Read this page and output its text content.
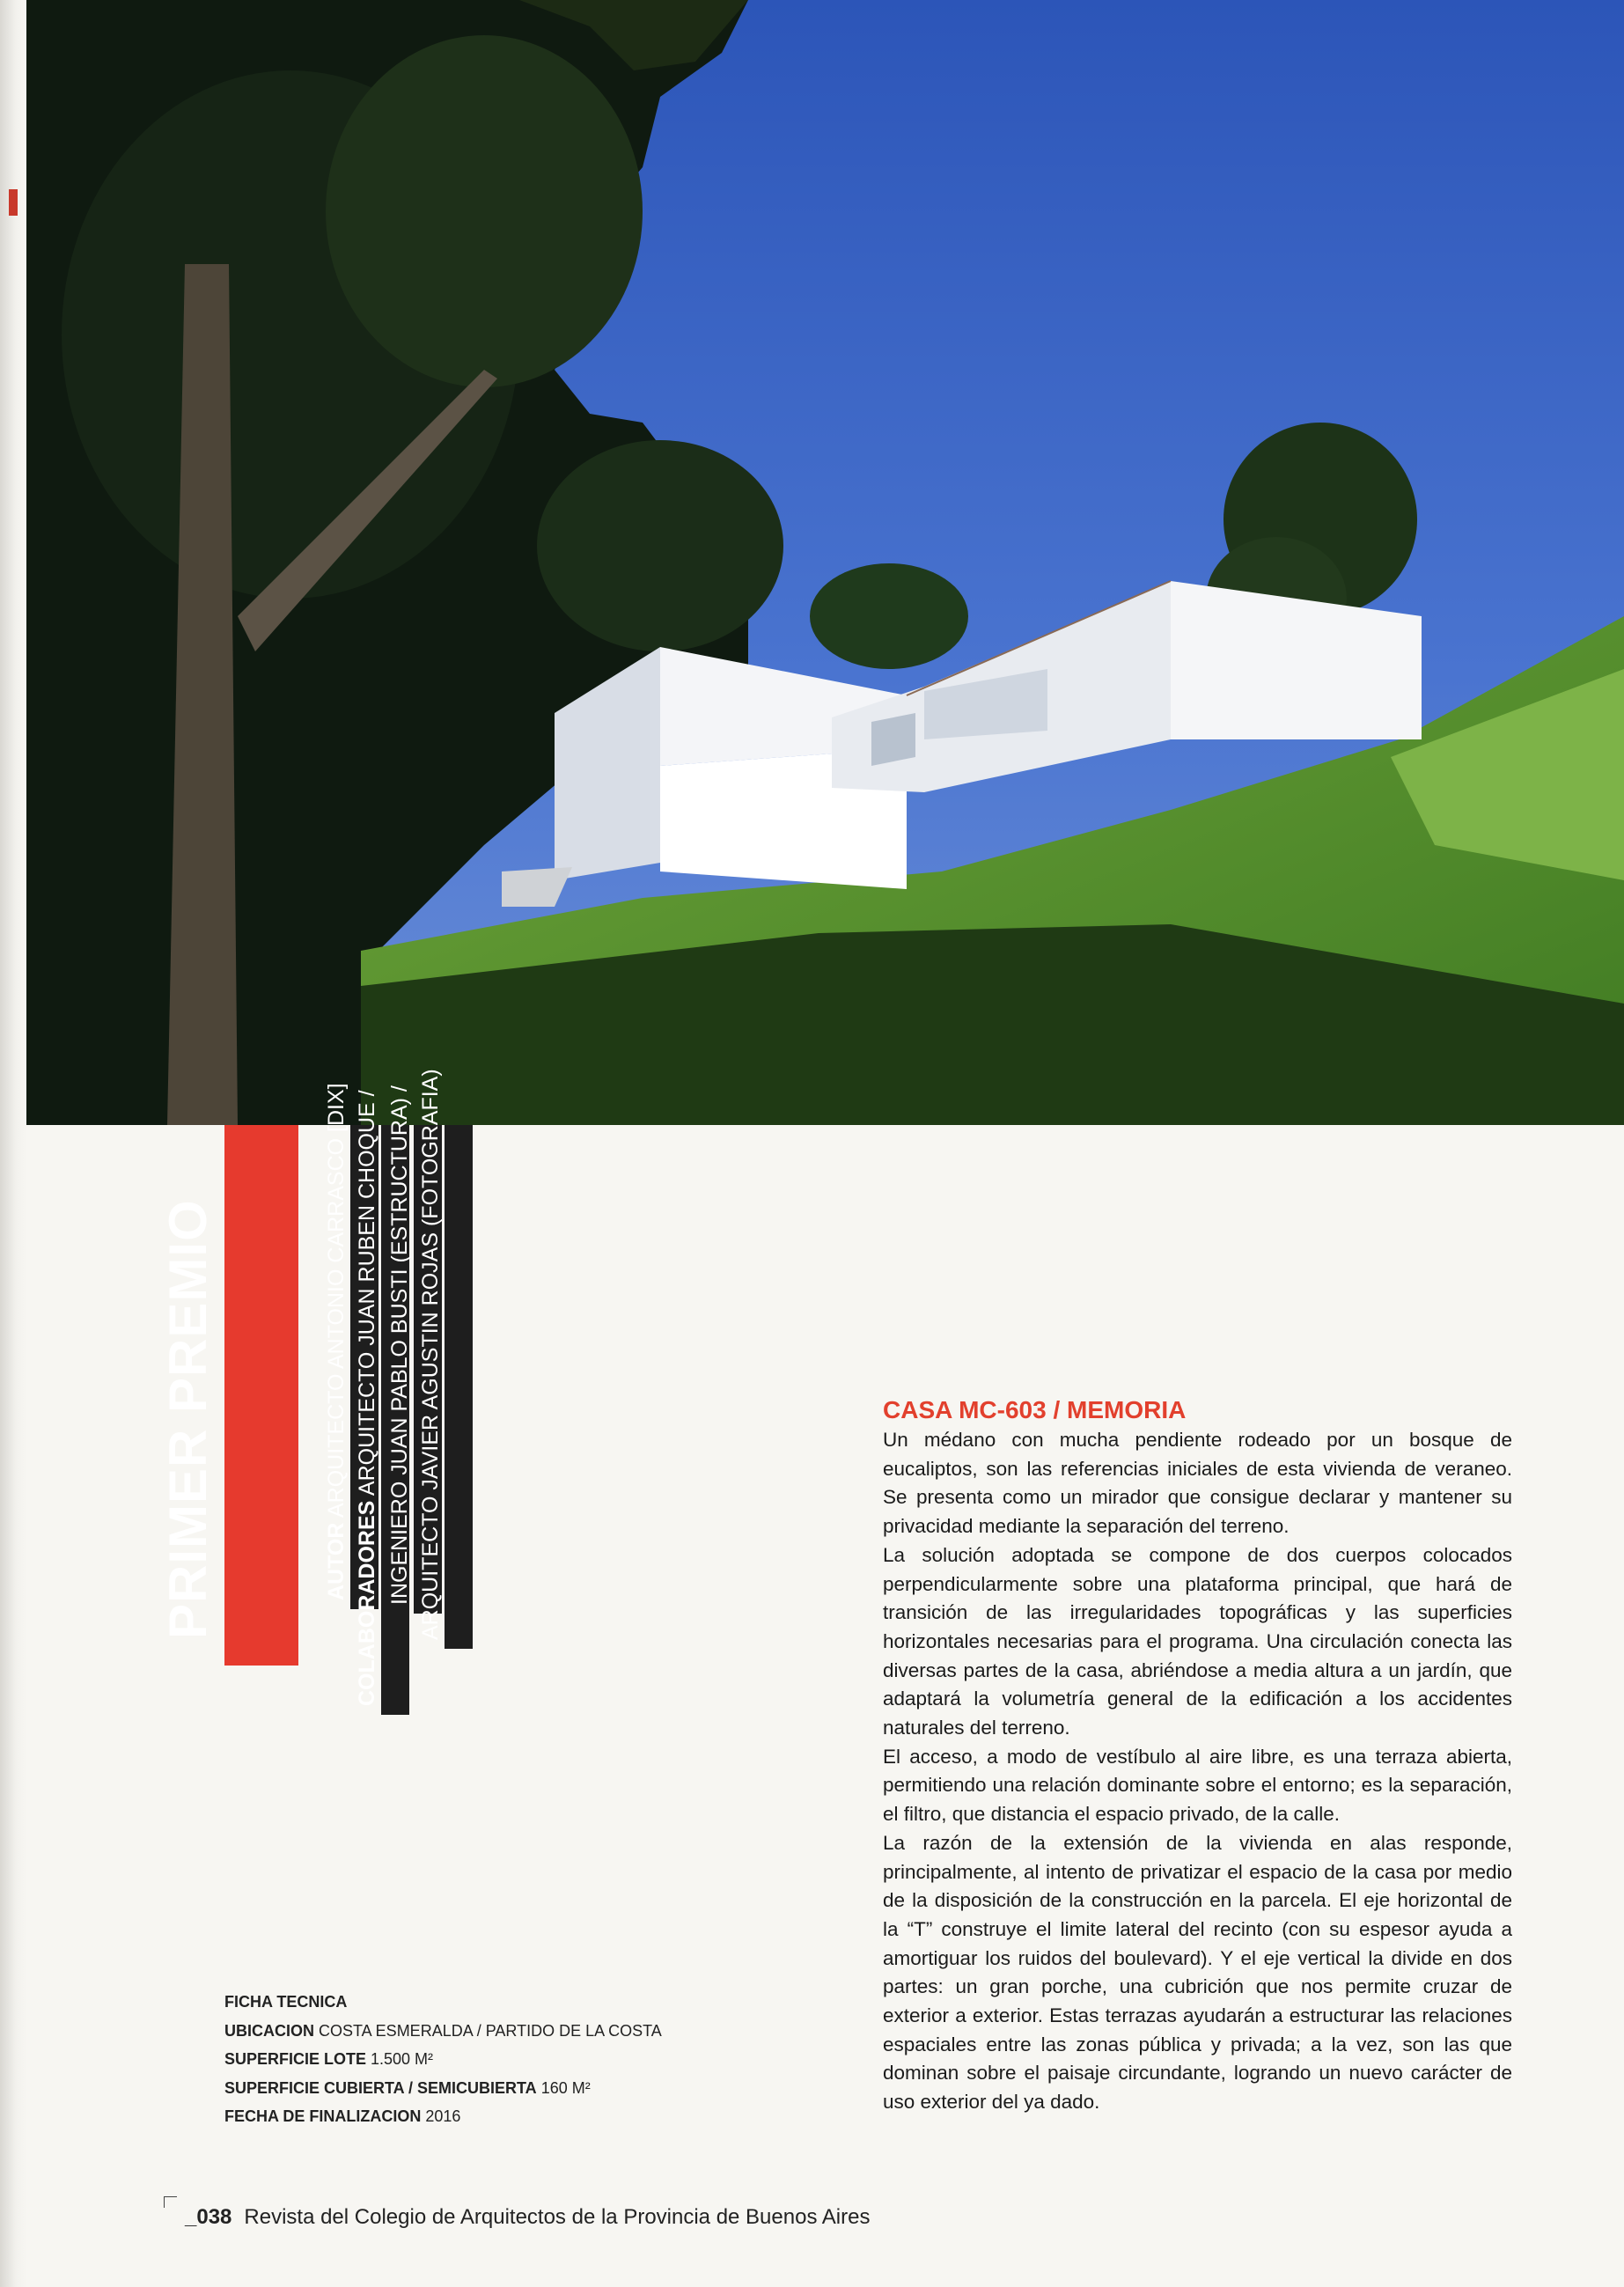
PRIMER PREMIO	AUTOR ARQUITECTO ANTONIO CARRASCO [DIX]
COLABORADORES ARQUITECTO JUAN RUBEN CHOQUE / INGENIERO JUAN PABLO BUSTI (ESTRUCTURA) / ARQUITECTO JAVIER AGUSTIN ROJAS (FOTOGRAFIA)	CASA MC-603 / MEMORIA

Un médano con mucha pendiente rodeado por un bosque de eucaliptos, son las referencias iniciales de esta vivienda de veraneo. Se presenta como un mirador que consigue declarar y mantener su privacidad mediante la separación del terreno.

La solución adoptada se compone de dos cuerpos colocados perpendicularmente sobre una plataforma principal, que hará de transición de las irregularidades topográficas y las superficies horizontales necesarias para el programa. Una circulación conecta las diversas partes de la casa, abriéndose a media altura a un jardín, que adaptará la volumetría general de la edificación a los accidentes naturales del terreno.

El acceso, a modo de vestíbulo al aire libre, es una terraza abierta, permitiendo una relación dominante sobre el entorno; es la separación, el filtro, que distancia el espacio privado, de la calle.

La razón de la extensión de la vivienda en alas responde, principalmente, al intento de privatizar el espacio de la casa por medio de la disposición de la construcción en la parcela. El eje horizontal de la “T” construye el limite lateral del recinto (con su espesor ayuda a amortiguar los ruidos del boulevard). Y el eje vertical la divide en dos partes: un gran porche, una cubrición que nos permite cruzar de exterior a exterior. Estas terrazas ayudarán a estructurar las relaciones espaciales entre las zonas pública y privada; a la vez, son las que dominan sobre el paisaje circundante, logrando un nuevo carácter de uso exterior del ya dado.

FICHA TECNICA
UBICACION COSTA ESMERALDA / PARTIDO DE LA COSTA
SUPERFICIE LOTE 1.500 M²
SUPERFICIE CUBIERTA / SEMICUBIERTA 160 M²
FECHA DE FINALIZACION 2016
_038 Revista del Colegio de Arquitectos de la Provincia de Buenos Aires
